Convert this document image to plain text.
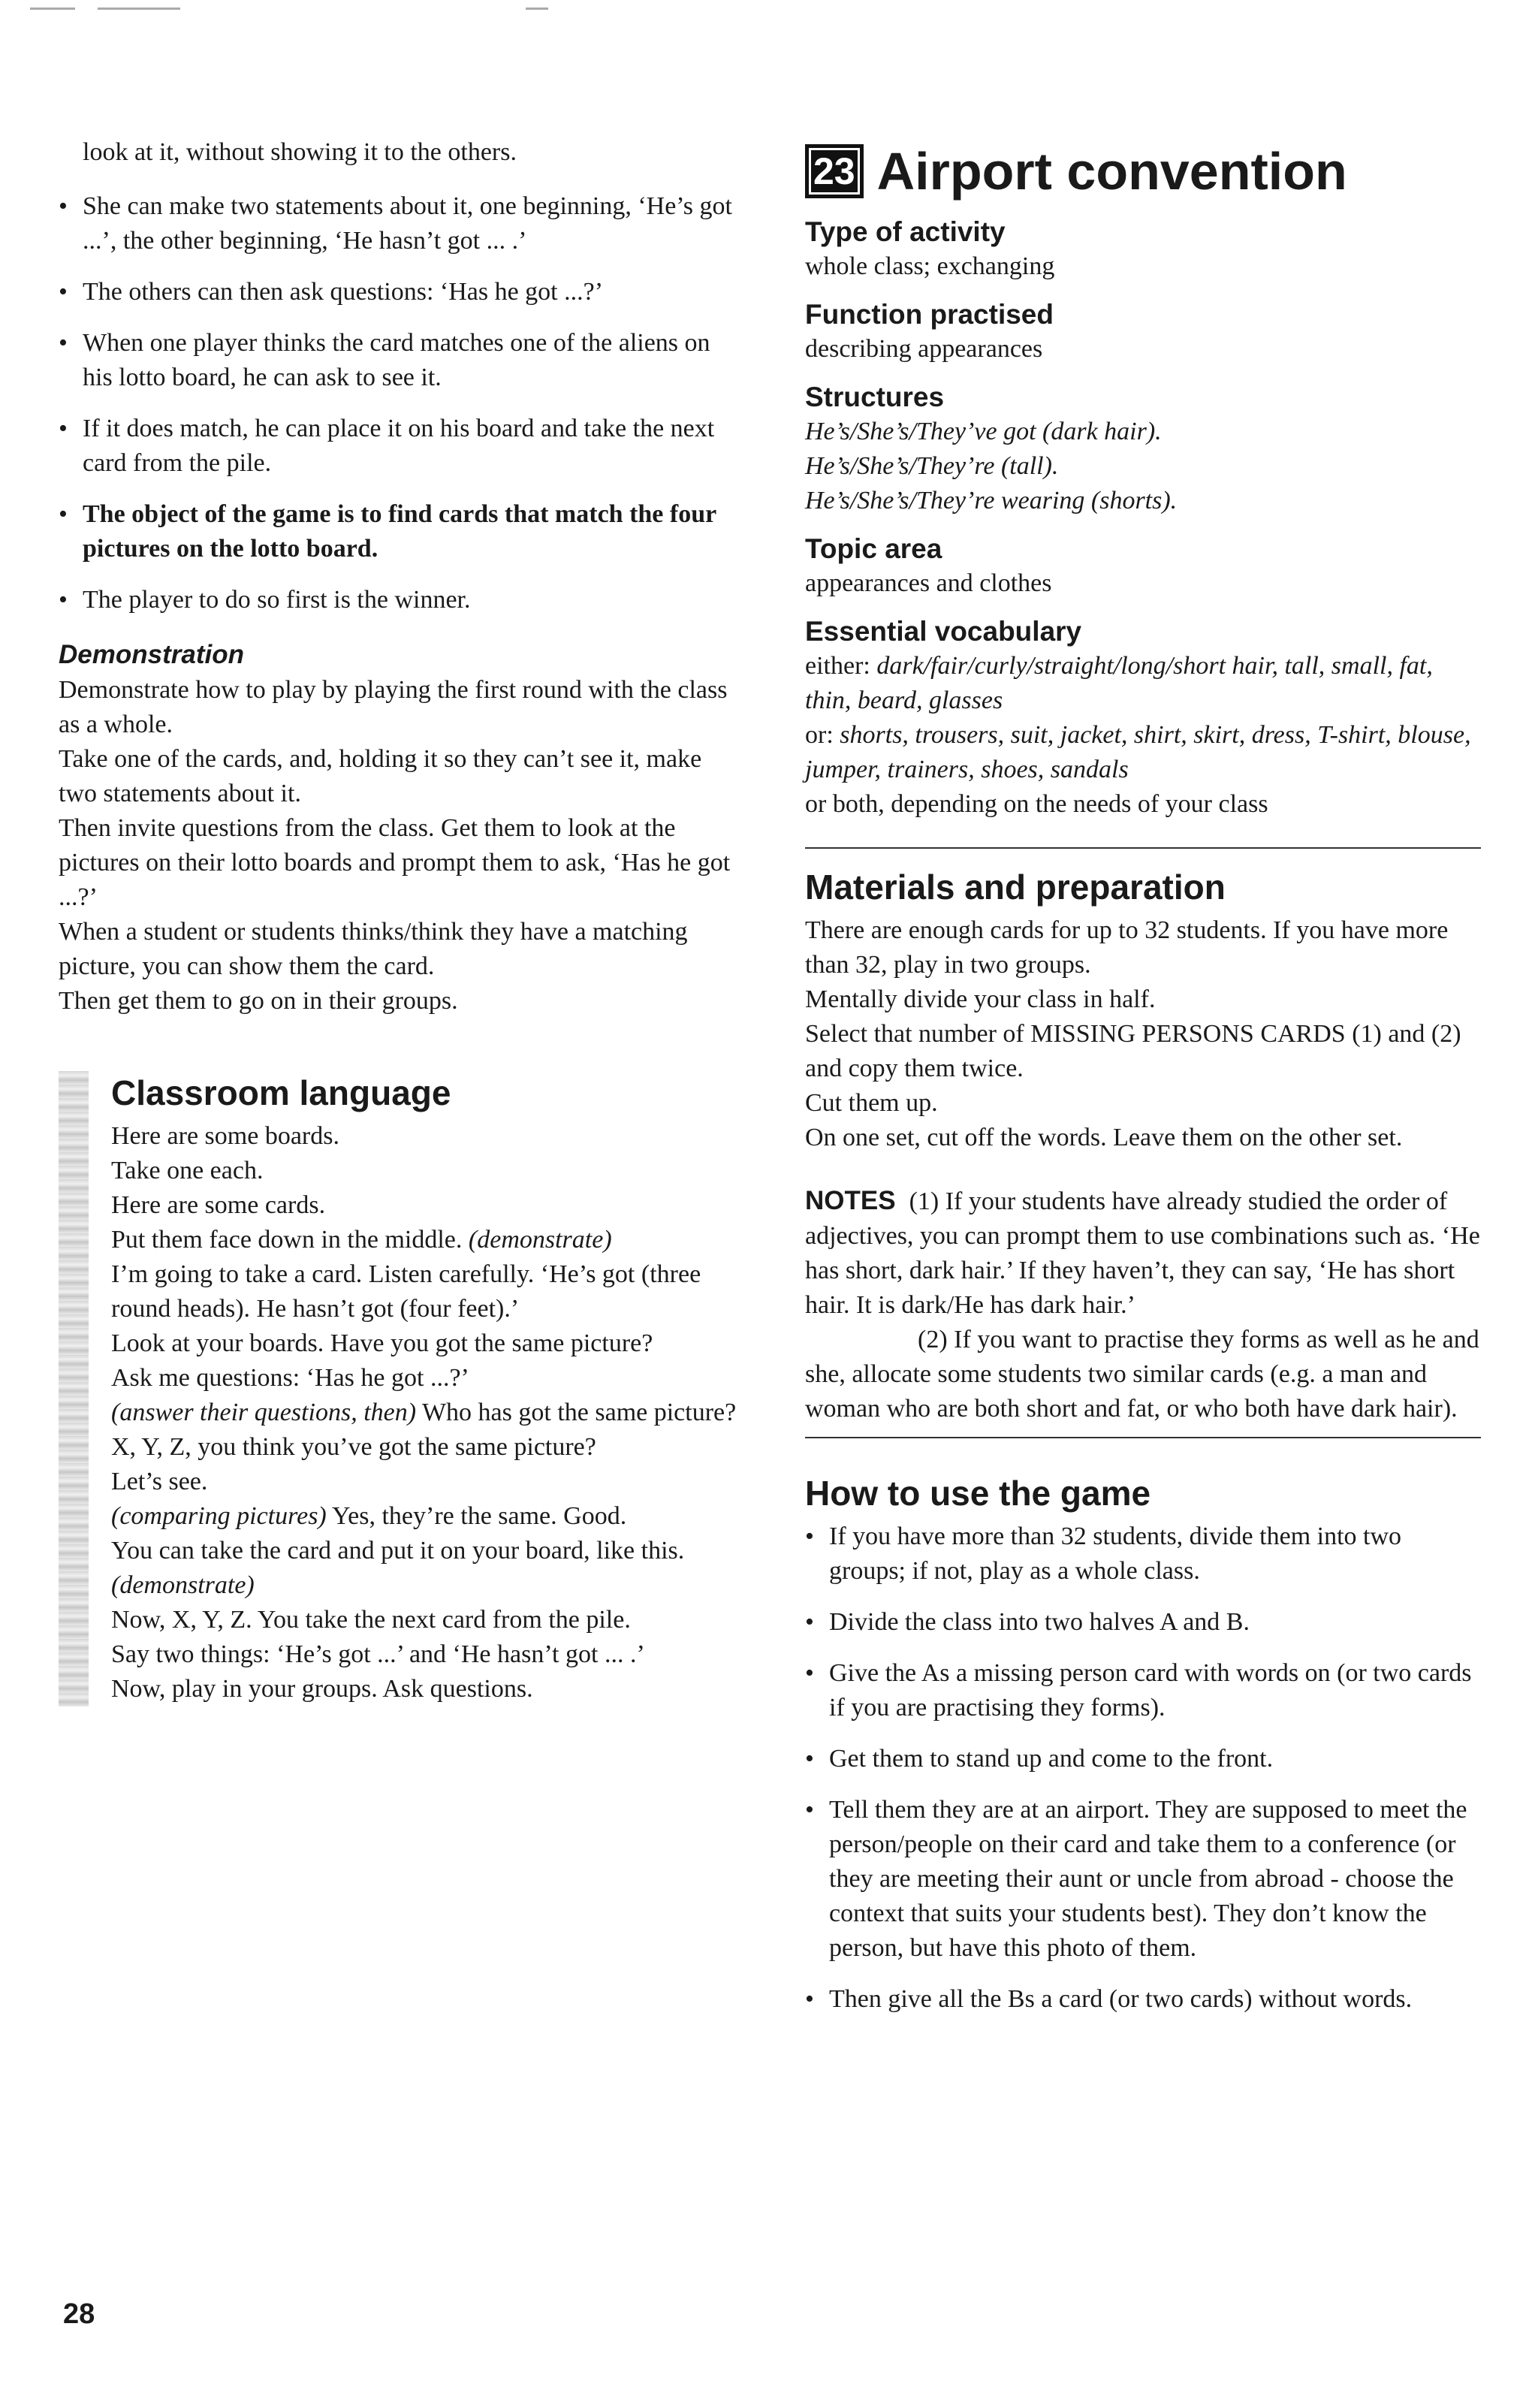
look at it, without showing it to the others.

• She can make two statements about it, one beginning, ‘He’s got ...’, the other beginning, ‘He hasn’t got ... .’
• The others can then ask questions: ‘Has he got ...?’
• When one player thinks the card matches one of the aliens on his lotto board, he can ask to see it.
• If it does match, he can place it on his board and take the next card from the pile.
• The object of the game is to find cards that match the four pictures on the lotto board.
• The player to do so first is the winner.
Demonstration

Demonstrate how to play by playing the first round with the class as a whole.

Take one of the cards, and, holding it so they can’t see it, make two statements about it.

Then invite questions from the class. Get them to look at the pictures on their lotto boards and prompt them to ask, ‘Has he got ...?’

When a student or students thinks/think they have a matching picture, you can show them the card.

Then get them to go on in their groups.

Classroom language

Here are some boards.

Take one each.

Here are some cards.

Put them face down in the middle. (demonstrate)

I’m going to take a card. Listen carefully. ‘He’s got (three round heads). He hasn’t got (four feet).’

Look at your boards. Have you got the same picture?

Ask me questions: ‘Has he got ...?’

(answer their questions, then) Who has got the same picture?

X, Y, Z, you think you’ve got the same picture?

Let’s see.

(comparing pictures) Yes, they’re the same. Good.

You can take the card and put it on your board, like this. (demonstrate)

Now, X, Y, Z. You take the next card from the pile.

Say two things: ‘He’s got ...’ and ‘He hasn’t got ... .’

Now, play in your groups. Ask questions.

23 Airport convention
Type of activity

whole class; exchanging

Function practised

describing appearances

Structures

He’s/She’s/They’ve got (dark hair).

He’s/She’s/They’re (tall).

He’s/She’s/They’re wearing (shorts).

Topic area

appearances and clothes

Essential vocabulary

either: dark/fair/curly/straight/long/short hair, tall, small, fat, thin, beard, glasses

or: shorts, trousers, suit, jacket, shirt, skirt, dress, T-shirt, blouse, jumper, trainers, shoes, sandals

or both, depending on the needs of your class

Materials and preparation

There are enough cards for up to 32 students. If you have more than 32, play in two groups.

Mentally divide your class in half.

Select that number of MISSING PERSONS CARDS (1) and (2) and copy them twice.

Cut them up.

On one set, cut off the words. Leave them on the other set.

NOTES (1) If your students have already studied the order of adjectives, you can prompt them to use combinations such as. ‘He has short, dark hair.’ If they haven’t, they can say, ‘He has short hair. It is dark/He has dark hair.’

(2) If you want to practise they forms as well as he and she, allocate some students two similar cards (e.g. a man and woman who are both short and fat, or who both have dark hair).

How to use the game
• If you have more than 32 students, divide them into two groups; if not, play as a whole class.
• Divide the class into two halves A and B.
• Give the As a missing person card with words on (or two cards if you are practising they forms).
• Get them to stand up and come to the front.
• Tell them they are at an airport. They are supposed to meet the person/people on their card and take them to a conference (or they are meeting their aunt or uncle from abroad - choose the context that suits your students best). They don’t know the person, but have this photo of them.
• Then give all the Bs a card (or two cards) without words.
28
